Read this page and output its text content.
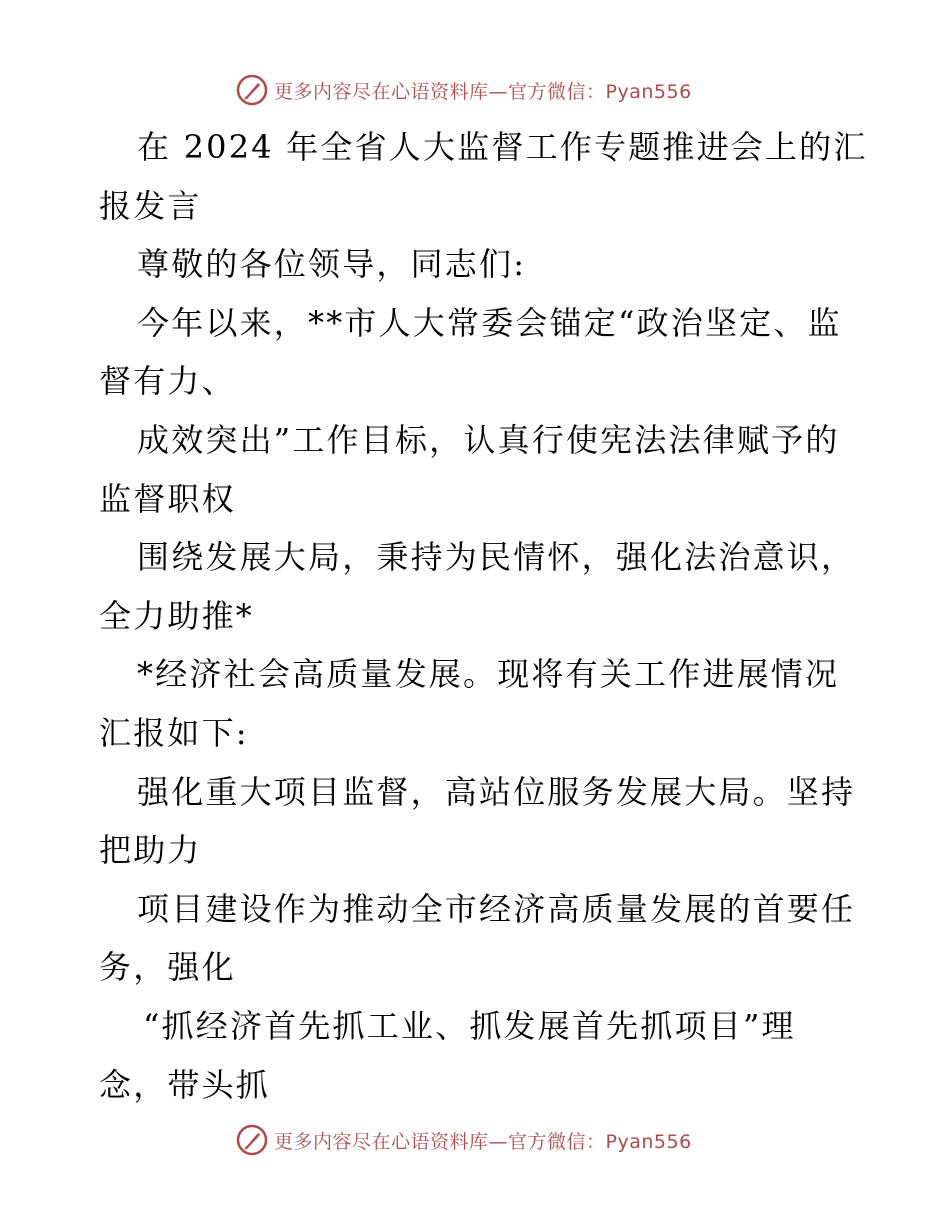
更多内容尽在心语资料库—官方微信：Pyan556
在 2024 年全省人大监督工作专题推进会上的汇
报发言
尊敬的各位领导，同志们:
今年以来，**市人大常委会锚定“政治坚定、监
督有力、
成效突出”工作目标，认真行使宪法法律赋予的
监督职权
围绕发展大局，秉持为民情怀，强化法治意识，
全力助推*
*经济社会高质量发展。现将有关工作进展情况
汇报如下:
强化重大项目监督，高站位服务发展大局。坚持
把助力
项目建设作为推动全市经济高质量发展的首要任
务，强化
“抓经济首先抓工业、抓发展首先抓项目”理
念，带头抓
更多内容尽在心语资料库—官方微信：Pyan556
